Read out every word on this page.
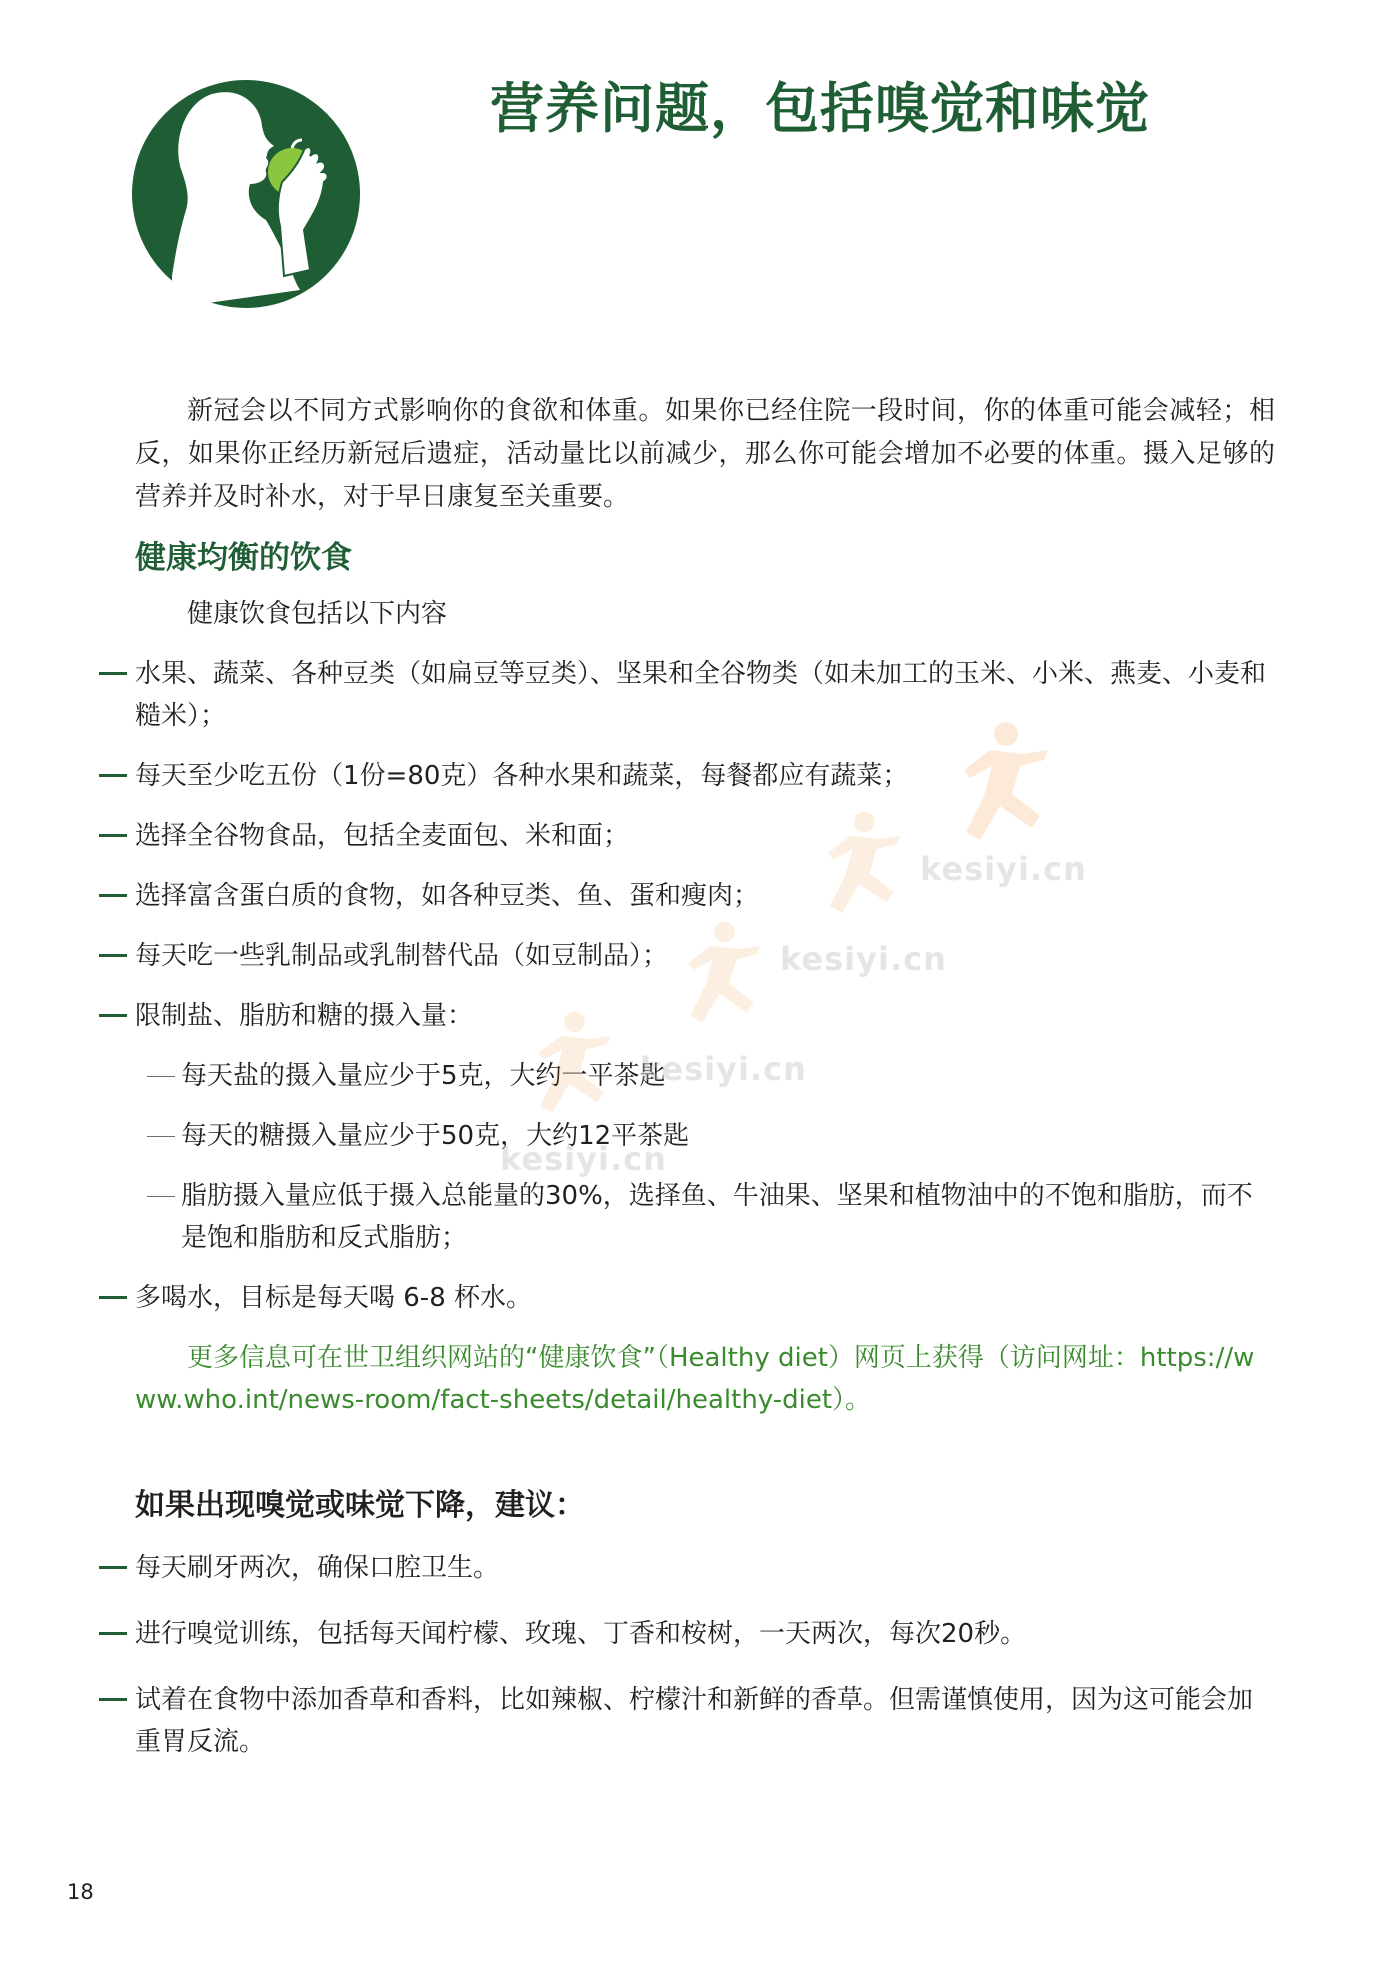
营养问题，包括嗅觉和味觉

新冠会以不同方式影响你的食欲和体重。如果你已经住院一段时间，你的体重可能会减轻；相反，如果你正经历新冠后遗症，活动量比以前减少，那么你可能会增加不必要的体重。摄入足够的营养并及时补水，对于早日康复至关重要。

健康均衡的饮食

健康饮食包括以下内容

水果、蔬菜、各种豆类（如扁豆等豆类）、坚果和全谷物类（如未加工的玉米、小米、燕麦、小麦和糙米）；
每天至少吃五份（1份=80克）各种水果和蔬菜，每餐都应有蔬菜；
选择全谷物食品，包括全麦面包、米和面；
选择富含蛋白质的食物，如各种豆类、鱼、蛋和瘦肉；
每天吃一些乳制品或乳制替代品（如豆制品）；
限制盐、脂肪和糖的摄入量：
每天盐的摄入量应少于5克，大约一平茶匙
每天的糖摄入量应少于50克，大约12平茶匙
脂肪摄入量应低于摄入总能量的30%，选择鱼、牛油果、坚果和植物油中的不饱和脂肪，而不是饱和脂肪和反式脂肪；
多喝水，目标是每天喝 6-8 杯水。

更多信息可在世卫组织网站的“健康饮食”（Healthy diet）网页上获得（访问网址：https://www.who.int/news-room/fact-sheets/detail/healthy-diet）。

如果出现嗅觉或味觉下降，建议：
每天刷牙两次，确保口腔卫生。
进行嗅觉训练，包括每天闻柠檬、玫瑰、丁香和桉树，一天两次，每次20秒。
试着在食物中添加香草和香料，比如辣椒、柠檬汁和新鲜的香草。但需谨慎使用，因为这可能会加重胃反流。
kesiyi.cn
kesiyi.cn
kesiyi.cn
kesiyi.cn
18
